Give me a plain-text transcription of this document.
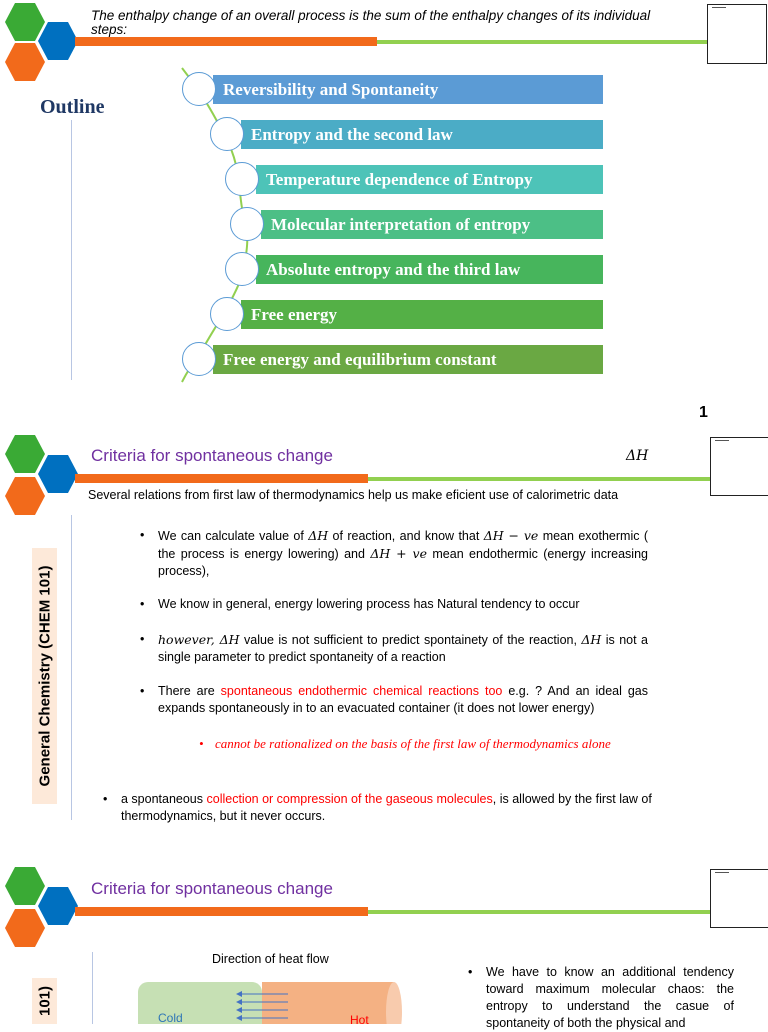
The enthalpy change of an overall process is the sum of the enthalpy changes of its individual steps:
Outline
Reversibility and Spontaneity
Entropy and the second law
Temperature dependence of Entropy
Molecular interpretation of entropy
Absolute entropy and the third law
Free energy
Free energy and equilibrium constant
1
Criteria for spontaneous change	ΔH
Several relations from first law of thermodynamics help us make eficient use of calorimetric data
General Chemistry (CHEM 101)
• We can calculate value of ΔH of reaction, and know that ΔH − ve mean exothermic ( the process is energy lowering) and ΔH + ve mean endothermic (energy increasing process),
• We know in general, energy lowering process has Natural tendency to occur
• however, ΔH value is not sufficient to predict spontainety of the reaction, ΔH is not a single parameter to predict spontaneity of a reaction
• There are spontaneous endothermic chemical reactions too e.g. ? And an ideal gas expands spontaneously in to an evacuated container (it does not lower energy)
• cannot be rationalized on the basis of the first law of thermodynamics alone
• a spontaneous collection or compression of the gaseous molecules, is allowed by the first law of thermodynamics, but it never occurs.
Criteria for spontaneous change
101)
Direction of heat flow
Cold	Hot
• We have to know an additional tendency toward maximum molecular chaos: the entropy to understand the casue of spontaneity of both the physical and
